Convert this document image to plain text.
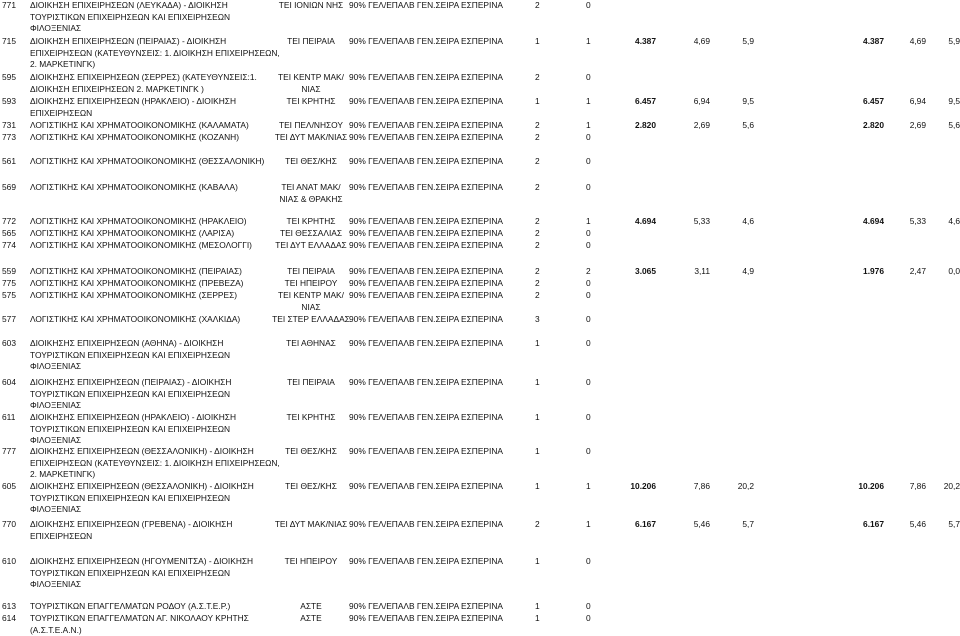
771 ΔΙΟΙΚΗΣΗ ΕΠΙΧΕΙΡΗΣΕΩΝ (ΛΕΥΚΑΔΑ) - ΔΙΟΙΚΗΣΗ ΤΟΥΡΙΣΤΙΚΩΝ ΕΠΙΧΕΙΡΗΣΕΩΝ ΚΑΙ ΕΠΙΧΕΙΡΗΣΕΩΝ ΦΙΛΟΞΕΝΙΑΣ
ΤΕΙ ΙΟΝΙΩΝ ΝΗΣ 90% ΓΕΛ/ΕΠΑΛΒ ΓΕΝ.ΣΕΙΡΑ ΕΣΠΕΡΙΝΑ	2	0
715 ΔΙΟΙΚΗΣΗ ΕΠΙΧΕΙΡΗΣΕΩΝ (ΠΕΙΡΑΙΑΣ) - ΔΙΟΙΚΗΣΗ ΕΠΙΧΕΙΡΗΣΕΩΝ (ΚΑΤΕΥΘΥΝΣΕΙΣ: 1. ΔΙΟΙΚΗΣΗ ΕΠΙΧΕΙΡΗΣΕΩΝ, 2. ΜΑΡΚΕΤΙΝΓΚ)
ΤΕΙ ΠΕΙΡΑΙΑ	90% ΓΕΛ/ΕΠΑΛΒ ΓΕΝ.ΣΕΙΡΑ ΕΣΠΕΡΙΝΑ	1	1	4.387	4,69	5,9	4.387	4,69	5,9
595 ΔΙΟΙΚΗΣΗΣ ΕΠΙΧΕΙΡΗΣΕΩΝ (ΣΕΡΡΕΣ) (ΚΑΤΕΥΘΥΝΣΕΙΣ:1. ΔΙΟΙΚΗΣΗ ΕΠΙΧΕΙΡΗΣΕΩΝ 2. ΜΑΡΚΕΤΙΝΓΚ )
ΤΕΙ ΚΕΝΤΡ ΜΑΚ/ΝΙΑΣ
90% ΓΕΛ/ΕΠΑΛΒ ΓΕΝ.ΣΕΙΡΑ ΕΣΠΕΡΙΝΑ	2	0
593 ΔΙΟΙΚΗΣΗΣ ΕΠΙΧΕΙΡΗΣΕΩΝ (ΗΡΑΚΛΕΙΟ) - ΔΙΟΙΚΗΣΗ ΕΠΙΧΕΙΡΗΣΕΩΝ
ΤΕΙ ΚΡΗΤΗΣ	90% ΓΕΛ/ΕΠΑΛΒ ΓΕΝ.ΣΕΙΡΑ ΕΣΠΕΡΙΝΑ	1	1	6.457	6,94	9,5	6.457	6,94	9,5
731 ΛΟΓΙΣΤΙΚΗΣ ΚΑΙ ΧΡΗΜΑΤΟΟΙΚΟΝΟΜΙΚΗΣ (ΚΑΛΑΜΑΤΑ)	ΤΕΙ ΠΕΛ/ΝΗΣΟΥ 90% ΓΕΛ/ΕΠΑΛΒ ΓΕΝ.ΣΕΙΡΑ ΕΣΠΕΡΙΝΑ	2	1	2.820	2,69	5,6	2.820	2,69	5,6
773 ΛΟΓΙΣΤΙΚΗΣ ΚΑΙ ΧΡΗΜΑΤΟΟΙΚΟΝΟΜΙΚΗΣ (ΚΟΖΑΝΗ)	ΤΕΙ ΔΥΤ ΜΑΚ/ΝΙΑΣ 90% ΓΕΛ/ΕΠΑΛΒ ΓΕΝ.ΣΕΙΡΑ ΕΣΠΕΡΙΝΑ	2	0
561 ΛΟΓΙΣΤΙΚΗΣ ΚΑΙ ΧΡΗΜΑΤΟΟΙΚΟΝΟΜΙΚΗΣ (ΘΕΣΣΑΛΟΝΙΚΗ)	ΤΕΙ ΘΕΣ/ΚΗΣ	90% ΓΕΛ/ΕΠΑΛΒ ΓΕΝ.ΣΕΙΡΑ ΕΣΠΕΡΙΝΑ	2	0
569 ΛΟΓΙΣΤΙΚΗΣ ΚΑΙ ΧΡΗΜΑΤΟΟΙΚΟΝΟΜΙΚΗΣ (ΚΑΒΑΛΑ)	ΤΕΙ ΑΝΑΤ ΜΑΚ/ΝΙΑΣ & ΘΡΑΚΗΣ
90% ΓΕΛ/ΕΠΑΛΒ ΓΕΝ.ΣΕΙΡΑ ΕΣΠΕΡΙΝΑ	2	0
772 ΛΟΓΙΣΤΙΚΗΣ ΚΑΙ ΧΡΗΜΑΤΟΟΙΚΟΝΟΜΙΚΗΣ (ΗΡΑΚΛΕΙΟ)	ΤΕΙ ΚΡΗΤΗΣ	90% ΓΕΛ/ΕΠΑΛΒ ΓΕΝ.ΣΕΙΡΑ ΕΣΠΕΡΙΝΑ	2	1	4.694	5,33	4,6	4.694	5,33	4,6
565 ΛΟΓΙΣΤΙΚΗΣ ΚΑΙ ΧΡΗΜΑΤΟΟΙΚΟΝΟΜΙΚΗΣ (ΛΑΡΙΣΑ)	ΤΕΙ ΘΕΣΣΑΛΙΑΣ 90% ΓΕΛ/ΕΠΑΛΒ ΓΕΝ.ΣΕΙΡΑ ΕΣΠΕΡΙΝΑ	2	0
774 ΛΟΓΙΣΤΙΚΗΣ ΚΑΙ ΧΡΗΜΑΤΟΟΙΚΟΝΟΜΙΚΗΣ (ΜΕΣΟΛΟΓΓΙ)	ΤΕΙ ΔΥΤ ΕΛΛΑΔΑΣ 90% ΓΕΛ/ΕΠΑΛΒ ΓΕΝ.ΣΕΙΡΑ ΕΣΠΕΡΙΝΑ	2	0
559 ΛΟΓΙΣΤΙΚΗΣ ΚΑΙ ΧΡΗΜΑΤΟΟΙΚΟΝΟΜΙΚΗΣ (ΠΕΙΡΑΙΑΣ)	ΤΕΙ ΠΕΙΡΑΙΑ	90% ΓΕΛ/ΕΠΑΛΒ ΓΕΝ.ΣΕΙΡΑ ΕΣΠΕΡΙΝΑ	2	2	3.065	3,11	4,9	1.976	2,47	0,0
775 ΛΟΓΙΣΤΙΚΗΣ ΚΑΙ ΧΡΗΜΑΤΟΟΙΚΟΝΟΜΙΚΗΣ (ΠΡΕΒΕΖΑ)	ΤΕΙ ΗΠΕΙΡΟΥ	90% ΓΕΛ/ΕΠΑΛΒ ΓΕΝ.ΣΕΙΡΑ ΕΣΠΕΡΙΝΑ	2	0
575 ΛΟΓΙΣΤΙΚΗΣ ΚΑΙ ΧΡΗΜΑΤΟΟΙΚΟΝΟΜΙΚΗΣ (ΣΕΡΡΕΣ)	ΤΕΙ ΚΕΝΤΡ ΜΑΚ/ΝΙΑΣ
90% ΓΕΛ/ΕΠΑΛΒ ΓΕΝ.ΣΕΙΡΑ ΕΣΠΕΡΙΝΑ	2	0
577 ΛΟΓΙΣΤΙΚΗΣ ΚΑΙ ΧΡΗΜΑΤΟΟΙΚΟΝΟΜΙΚΗΣ (ΧΑΛΚΙΔΑ)	ΤΕΙ ΣΤΕΡ ΕΛΛΑΔΑΣ 90% ΓΕΛ/ΕΠΑΛΒ ΓΕΝ.ΣΕΙΡΑ ΕΣΠΕΡΙΝΑ	3	0
603 ΔΙΟΙΚΗΣΗΣ ΕΠΙΧΕΙΡΗΣΕΩΝ (ΑΘΗΝΑ) - ΔΙΟΙΚΗΣΗ ΤΟΥΡΙΣΤΙΚΩΝ ΕΠΙΧΕΙΡΗΣΕΩΝ ΚΑΙ ΕΠΙΧΕΙΡΗΣΕΩΝ ΦΙΛΟΞΕΝΙΑΣ
ΤΕΙ ΑΘΗΝΑΣ	90% ΓΕΛ/ΕΠΑΛΒ ΓΕΝ.ΣΕΙΡΑ ΕΣΠΕΡΙΝΑ	1	0
604 ΔΙΟΙΚΗΣΗΣ ΕΠΙΧΕΙΡΗΣΕΩΝ (ΠΕΙΡΑΙΑΣ) - ΔΙΟΙΚΗΣΗ ΤΟΥΡΙΣΤΙΚΩΝ ΕΠΙΧΕΙΡΗΣΕΩΝ ΚΑΙ ΕΠΙΧΕΙΡΗΣΕΩΝ ΦΙΛΟΞΕΝΙΑΣ
ΤΕΙ ΠΕΙΡΑΙΑ	90% ΓΕΛ/ΕΠΑΛΒ ΓΕΝ.ΣΕΙΡΑ ΕΣΠΕΡΙΝΑ	1	0
611 ΔΙΟΙΚΗΣΗΣ ΕΠΙΧΕΙΡΗΣΕΩΝ (ΗΡΑΚΛΕΙΟ) - ΔΙΟΙΚΗΣΗ ΤΟΥΡΙΣΤΙΚΩΝ ΕΠΙΧΕΙΡΗΣΕΩΝ ΚΑΙ ΕΠΙΧΕΙΡΗΣΕΩΝ ΦΙΛΟΞΕΝΙΑΣ
ΤΕΙ ΚΡΗΤΗΣ	90% ΓΕΛ/ΕΠΑΛΒ ΓΕΝ.ΣΕΙΡΑ ΕΣΠΕΡΙΝΑ	1	0
777 ΔΙΟΙΚΗΣΗΣ ΕΠΙΧΕΙΡΗΣΕΩΝ (ΘΕΣΣΑΛΟΝΙΚΗ) - ΔΙΟΙΚΗΣΗ ΕΠΙΧΕΙΡΗΣΕΩΝ (ΚΑΤΕΥΘΥΝΣΕΙΣ: 1. ΔΙΟΙΚΗΣΗ ΕΠΙΧΕΙΡΗΣΕΩΝ, 2. ΜΑΡΚΕΤΙΝΓΚ)
ΤΕΙ ΘΕΣ/ΚΗΣ	90% ΓΕΛ/ΕΠΑΛΒ ΓΕΝ.ΣΕΙΡΑ ΕΣΠΕΡΙΝΑ	1	0
605 ΔΙΟΙΚΗΣΗΣ ΕΠΙΧΕΙΡΗΣΕΩΝ (ΘΕΣΣΑΛΟΝΙΚΗ) - ΔΙΟΙΚΗΣΗ ΤΟΥΡΙΣΤΙΚΩΝ ΕΠΙΧΕΙΡΗΣΕΩΝ ΚΑΙ ΕΠΙΧΕΙΡΗΣΕΩΝ ΦΙΛΟΞΕΝΙΑΣ
ΤΕΙ ΘΕΣ/ΚΗΣ	90% ΓΕΛ/ΕΠΑΛΒ ΓΕΝ.ΣΕΙΡΑ ΕΣΠΕΡΙΝΑ	1	1	10.206	7,86	20,2	10.206	7,86	20,2
770 ΔΙΟΙΚΗΣΗΣ ΕΠΙΧΕΙΡΗΣΕΩΝ (ΓΡΕΒΕΝΑ) - ΔΙΟΙΚΗΣΗ ΕΠΙΧΕΙΡΗΣΕΩΝ
ΤΕΙ ΔΥΤ ΜΑΚ/ΝΙΑΣ 90% ΓΕΛ/ΕΠΑΛΒ ΓΕΝ.ΣΕΙΡΑ ΕΣΠΕΡΙΝΑ	2	1	6.167	5,46	5,7	6.167	5,46	5,7
610 ΔΙΟΙΚΗΣΗΣ ΕΠΙΧΕΙΡΗΣΕΩΝ (ΗΓΟΥΜΕΝΙΤΣΑ) - ΔΙΟΙΚΗΣΗ ΤΟΥΡΙΣΤΙΚΩΝ ΕΠΙΧΕΙΡΗΣΕΩΝ ΚΑΙ ΕΠΙΧΕΙΡΗΣΕΩΝ ΦΙΛΟΞΕΝΙΑΣ
ΤΕΙ ΗΠΕΙΡΟΥ	90% ΓΕΛ/ΕΠΑΛΒ ΓΕΝ.ΣΕΙΡΑ ΕΣΠΕΡΙΝΑ	1	0
613 ΤΟΥΡΙΣΤΙΚΩΝ ΕΠΑΓΓΕΛΜΑΤΩΝ ΡΟΔΟΥ (Α.Σ.Τ.Ε.Ρ.)	ΑΣΤΕ	90% ΓΕΛ/ΕΠΑΛΒ ΓΕΝ.ΣΕΙΡΑ ΕΣΠΕΡΙΝΑ	1	0
614 ΤΟΥΡΙΣΤΙΚΩΝ ΕΠΑΓΓΕΛΜΑΤΩΝ ΑΓ. ΝΙΚΟΛΑΟΥ ΚΡΗΤΗΣ (Α.Σ.Τ.Ε.Α.Ν.)
ΑΣΤΕ	90% ΓΕΛ/ΕΠΑΛΒ ΓΕΝ.ΣΕΙΡΑ ΕΣΠΕΡΙΝΑ	1	0
